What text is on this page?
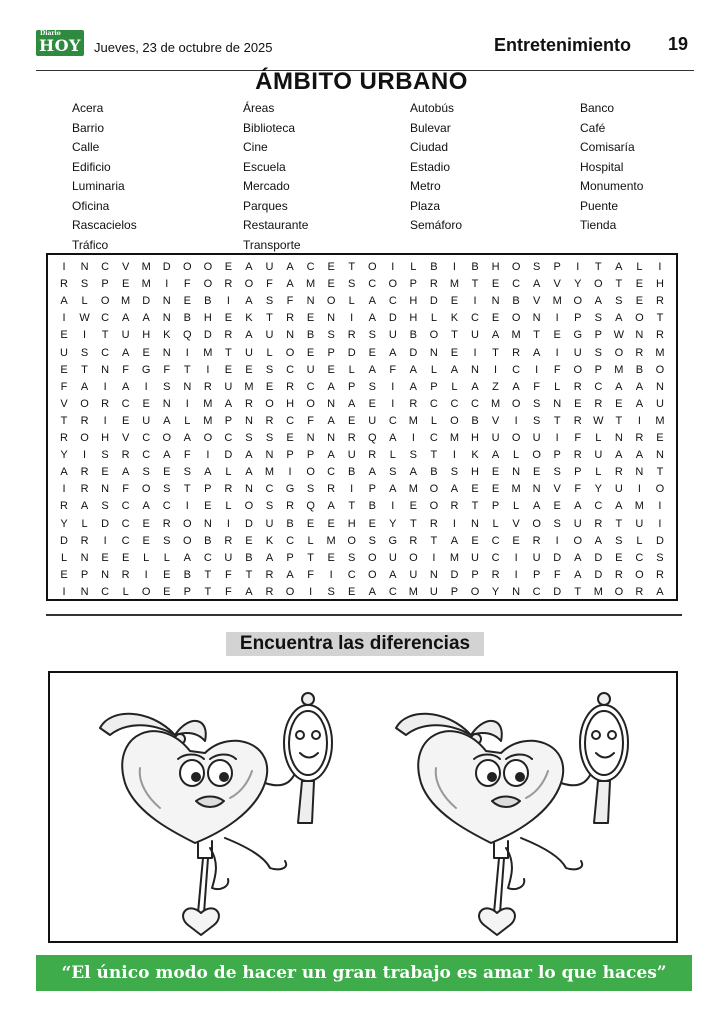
Diario
HOY Jueves, 23 de octubre de 2025	Entretenimiento 19
ÁMBITO URBANO
Acera
Barrio
Calle
Edificio
Luminaria
Oficina
Rascacielos
Tráfico
Áreas
Biblioteca
Cine
Escuela
Mercado
Parques
Restaurante
Transporte
Autobús
Bulevar
Ciudad
Estadio
Metro
Plaza
Semáforo
Banco
Café
Comisaría
Hospital
Monumento
Puente
Tienda
I	N	C	V	M	D	O	O	E	A	U	A	C	E	T	O	I	L	B	I	B	H	O	S	P	I	T	A	L	I
R	S	P	E	M	I	F	O	R	O	F	A	M	E	S	C	O	P	R	M	T	E	C	A	V	Y	O	T	E	H
A	L	O	M	D	N	E	B	I	A	S	F	N	O	L	A	C	H	D	E	I	N	B	V	M	O	A	S	E	R
I	W	C	A	A	N	B	H	E	K	T	R	E	N	I	A	D	H	L	K	C	E	O	N	I	P	S	A	O	T
E	I	T	U	H	K	Q	D	R	A	U	N	B	S	R	S	U	B	O	T	U	A	M	T	E	G	P	W	N	R
U	S	C	A	E	N	I	M	T	U	L	O	E	P	D	E	A	D	N	E	I	T	R	A	I	U	S	O	R	M
E	T	N	F	G	F	T	I	E	E	S	C	U	E	L	A	F	A	L	A	N	I	C	I	F	O	P	M	B	O
F	A	I	A	I	S	N	R	U	M	E	R	C	A	P	S	I	A	P	L	A	Z	A	F	L	R	C	A	A	N
V	O	R	C	E	N	I	M	A	R	O	H	O	N	A	E	I	R	C	C	C	M	O	S	N	E	R	E	A	U
T	R	I	E	U	A	L	M	P	N	R	C	F	A	E	U	C	M	L	O	B	V	I	S	T	R	W	T	I	M
R	O	H	V	C	O	A	O	C	S	S	E	N	N	R	Q	A	I	C	M	H	U	O	U	I	F	L	N	R	E
Y	I	S	R	C	A	F	I	D	A	N	P	P	A	U	R	L	S	T	I	K	A	L	O	P	R	U	A	A	N
A	R	E	A	S	E	S	A	L	A	M	I	O	C	B	A	S	A	B	S	H	E	N	E	S	P	L	R	N	T
I	R	N	F	O	S	T	P	R	N	C	G	S	R	I	P	A	M	O	A	E	E	M	N	V	F	Y	U	I	O
R	A	S	C	A	C	I	E	L	O	S	R	Q	A	T	B	I	E	O	R	T	P	L	A	E	A	C	A	M	I
Y	L	D	C	E	R	O	N	I	D	U	B	E	E	H	E	Y	T	R	I	N	L	V	O	S	U	R	T	U	I
D	R	I	C	E	S	O	B	R	E	K	C	L	M	O	S	G	R	T	A	E	C	E	R	I	O	A	S	L	D
L	N	E	E	L	L	A	C	U	B	A	P	T	E	S	O	U	O	I	M	U	C	I	U	D	A	D	E	C	S
E	P	N	R	I	E	B	T	F	T	R	A	F	I	C	O	A	U	N	D	P	R	I	P	F	A	D	R	O	R
I	N	C	L	O	E	P	T	F	A	R	O	I	S	E	A	C	M	U	P	O	Y	N	C	D	T	M	O	R	A
Encuentra las diferencias
“El único modo de hacer un gran trabajo es amar lo que haces”
